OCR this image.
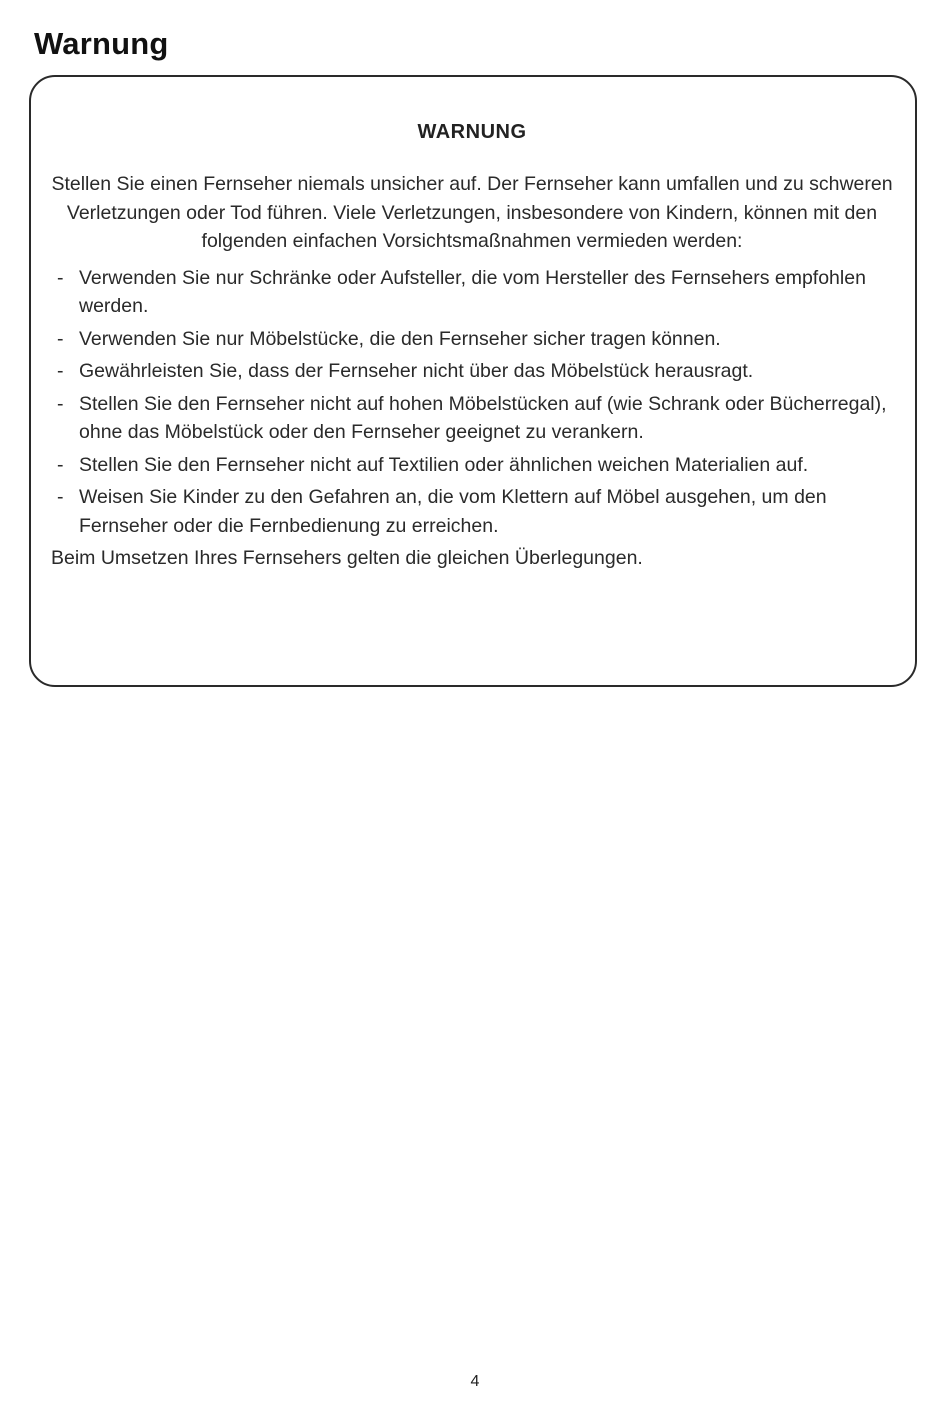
Warnung
WARNUNG

Stellen Sie einen Fernseher niemals unsicher auf. Der Fernseher kann umfallen und zu schweren Verletzungen oder Tod führen. Viele Verletzungen, insbesondere von Kindern, können mit den folgenden einfachen Vorsichtsmaßnahmen vermieden werden:

- Verwenden Sie nur Schränke oder Aufsteller, die vom Hersteller des Fernsehers empfohlen werden.
- Verwenden Sie nur Möbelstücke, die den Fernseher sicher tragen können.
- Gewährleisten Sie, dass der Fernseher nicht über das Möbelstück herausragt.
- Stellen Sie den Fernseher nicht auf hohen Möbelstücken auf (wie Schrank oder Bücherregal), ohne das Möbelstück oder den Fernseher geeignet zu verankern.
- Stellen Sie den Fernseher nicht auf Textilien oder ähnlichen weichen Materialien auf.
- Weisen Sie Kinder zu den Gefahren an, die vom Klettern auf Möbel ausgehen, um den Fernseher oder die Fernbedienung zu erreichen.

Beim Umsetzen Ihres Fernsehers gelten die gleichen Überlegungen.

4
